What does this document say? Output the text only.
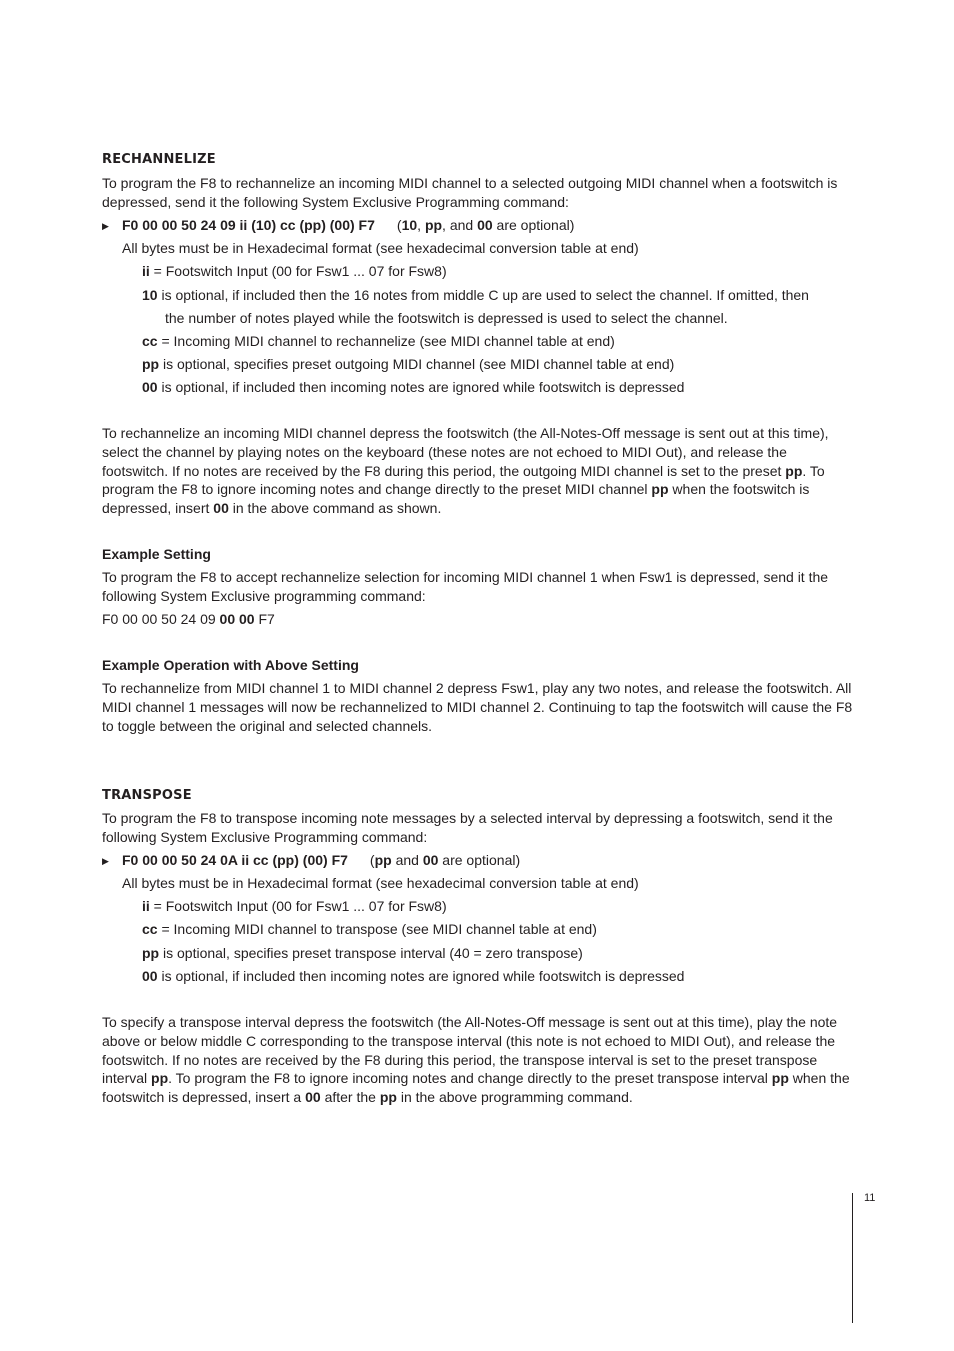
RECHANNELIZE
To program the F8 to rechannelize an incoming MIDI channel to a selected outgoing MIDI channel when a footswitch is depressed, send it the following System Exclusive Programming command:
▶ F0 00 00 50 24 09 ii (10) cc (pp) (00) F7 (10, pp, and 00 are optional)
All bytes must be in Hexadecimal format (see hexadecimal conversion table at end)
ii = Footswitch Input (00 for Fsw1 ... 07 for Fsw8)
10 is optional, if included then the 16 notes from middle C up are used to select the channel. If omitted, then
the number of notes played while the footswitch is depressed is used to select the channel.
cc = Incoming MIDI channel to rechannelize (see MIDI channel table at end)
pp is optional, specifies preset outgoing MIDI channel (see MIDI channel table at end)
00 is optional, if included then incoming notes are ignored while footswitch is depressed
To rechannelize an incoming MIDI channel depress the footswitch (the All-Notes-Off message is sent out at this time), select the channel by playing notes on the keyboard (these notes are not echoed to MIDI Out), and release the footswitch. If no notes are received by the F8 during this period, the outgoing MIDI channel is set to the preset pp. To program the F8 to ignore incoming notes and change directly to the preset MIDI channel pp when the footswitch is depressed, insert 00 in the above command as shown.
Example Setting
To program the F8 to accept rechannelize selection for incoming MIDI channel 1 when Fsw1 is depressed, send it the following System Exclusive programming command:
F0 00 00 50 24 09 00 00 F7
Example Operation with Above Setting
To rechannelize from MIDI channel 1 to MIDI channel 2 depress Fsw1, play any two notes, and release the footswitch. All MIDI channel 1 messages will now be rechannelized to MIDI channel 2. Continuing to tap the footswitch will cause the F8 to toggle between the original and selected channels.
TRANSPOSE
To program the F8 to transpose incoming note messages by a selected interval by depressing a footswitch, send it the following System Exclusive Programming command:
▶ F0 00 00 50 24 0A ii cc (pp) (00) F7 (pp and 00 are optional)
All bytes must be in Hexadecimal format (see hexadecimal conversion table at end)
ii = Footswitch Input (00 for Fsw1 ... 07 for Fsw8)
cc = Incoming MIDI channel to transpose (see MIDI channel table at end)
pp is optional, specifies preset transpose interval (40 = zero transpose)
00 is optional, if included then incoming notes are ignored while footswitch is depressed
To specify a transpose interval depress the footswitch (the All-Notes-Off message is sent out at this time), play the note above or below middle C corresponding to the transpose interval (this note is not echoed to MIDI Out), and release the footswitch. If no notes are received by the F8 during this period, the transpose interval is set to the preset transpose interval pp. To program the F8 to ignore incoming notes and change directly to the preset transpose interval pp when the footswitch is depressed, insert a 00 after the pp in the above programming command.
11
